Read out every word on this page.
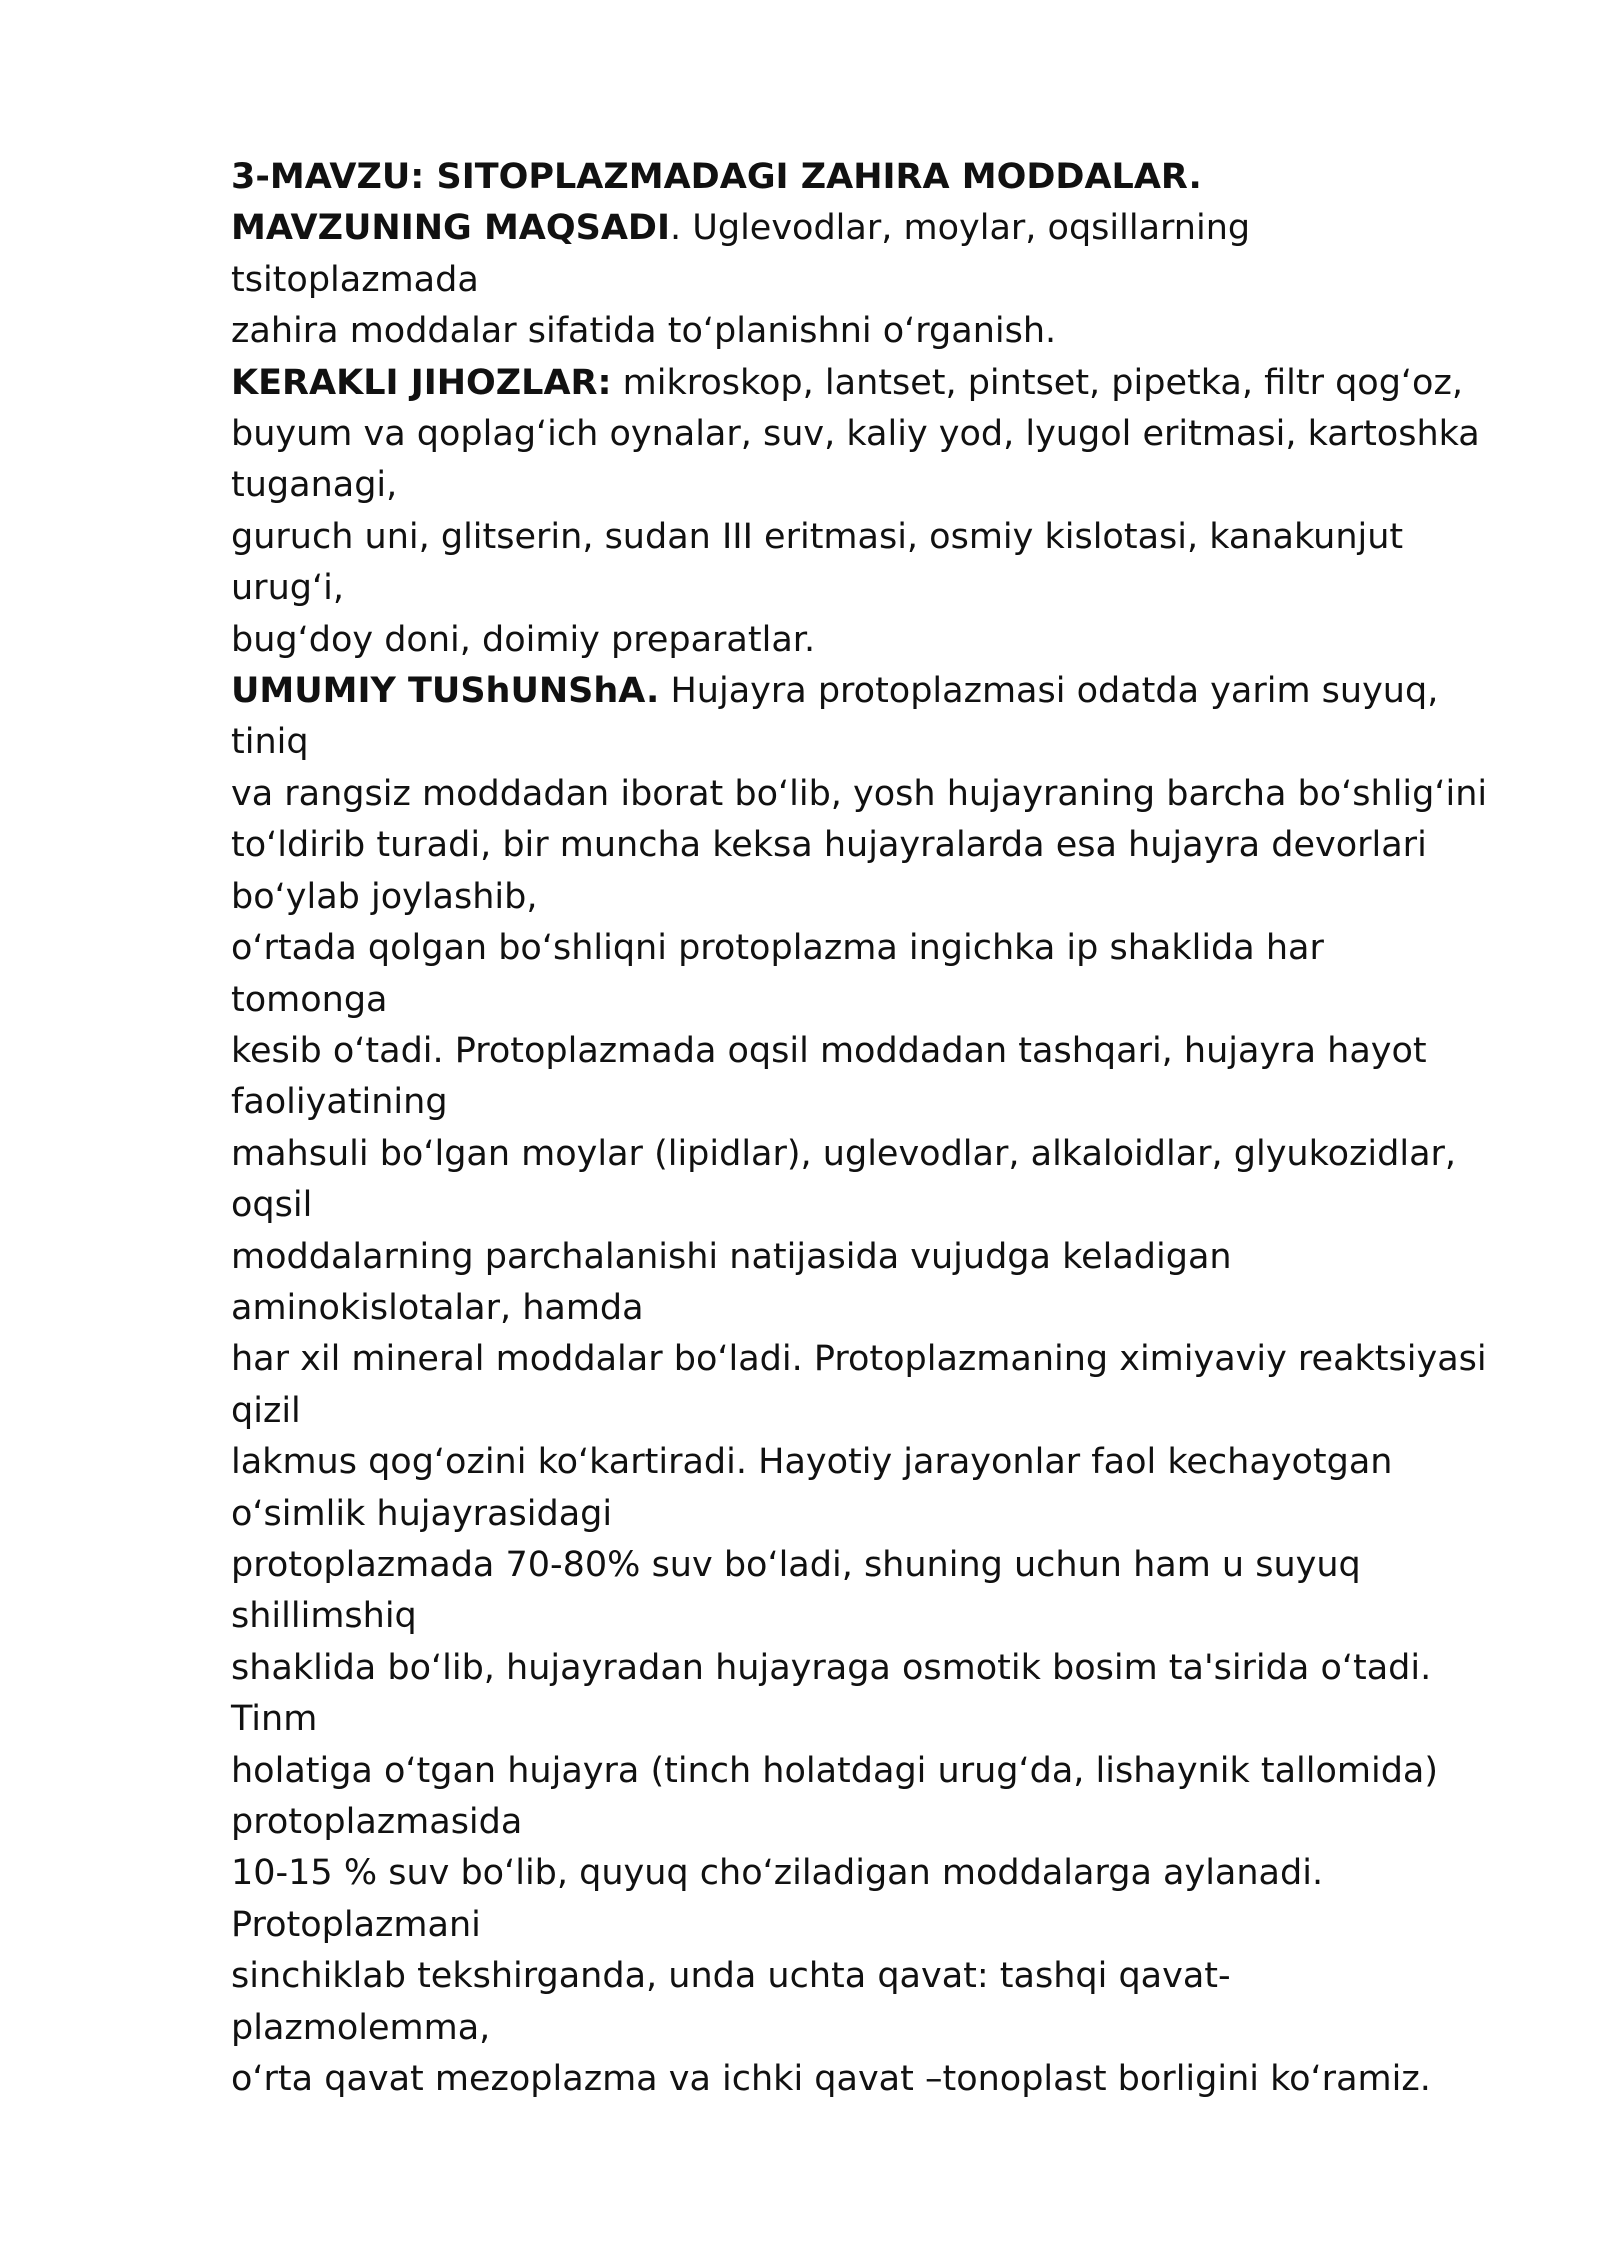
3-MAVZU: SITOPLAZMADAGI ZAHIRA MODDALAR.
MAVZUNING MAQSADI. Uglevodlar, moylar, oqsillarning
tsitoplazmada
zahira moddalar sifatida to‘planishni o‘rganish.
KERAKLI JIHOZLAR: mikroskop, lantset, pintset, pipetka, filtr qog‘oz,
buyum va qoplag‘ich oynalar, suv, kaliy yod, lyugol eritmasi, kartoshka
tuganagi,
guruch uni, glitserin, sudan III eritmasi, osmiy kislotasi, kanakunjut
urug‘i,
bug‘doy doni, doimiy preparatlar.
UMUMIY TUShUNShA. Hujayra protoplazmasi odatda yarim suyuq,
tiniq
va rangsiz moddadan iborat bo‘lib, yosh hujayraning barcha bo‘shlig‘ini
to‘ldirib turadi, bir muncha keksa hujayralarda esa hujayra devorlari
bo‘ylab joylashib,
o‘rtada qolgan bo‘shliqni protoplazma ingichka ip shaklida har
tomonga
kesib o‘tadi. Protoplazmada oqsil moddadan tashqari, hujayra hayot
faoliyatining
mahsuli bo‘lgan moylar (lipidlar), uglevodlar, alkaloidlar, glyukozidlar,
oqsil
moddalarning parchalanishi natijasida vujudga keladigan
aminokislotalar, hamda
har xil mineral moddalar bo‘ladi. Protoplazmaning ximiyaviy reaktsiyasi
qizil
lakmus qog‘ozini ko‘kartiradi. Hayotiy jarayonlar faol kechayotgan
o‘simlik hujayrasidagi
protoplazmada 70-80% suv bo‘ladi, shuning uchun ham u suyuq
shillimshiq
shaklida bo‘lib, hujayradan hujayraga osmotik bosim ta'sirida o‘tadi.
Tinm
holatiga o‘tgan hujayra (tinch holatdagi urug‘da, lishaynik tallomida)
protoplazmasida
10-15 % suv bo‘lib, quyuq cho‘ziladigan moddalarga aylanadi.
Protoplazmani
sinchiklab tekshirganda, unda uchta qavat: tashqi qavat-
plazmolemma,
o‘rta qavat mezoplazma va ichki qavat –tonoplast borligini ko‘ramiz.
